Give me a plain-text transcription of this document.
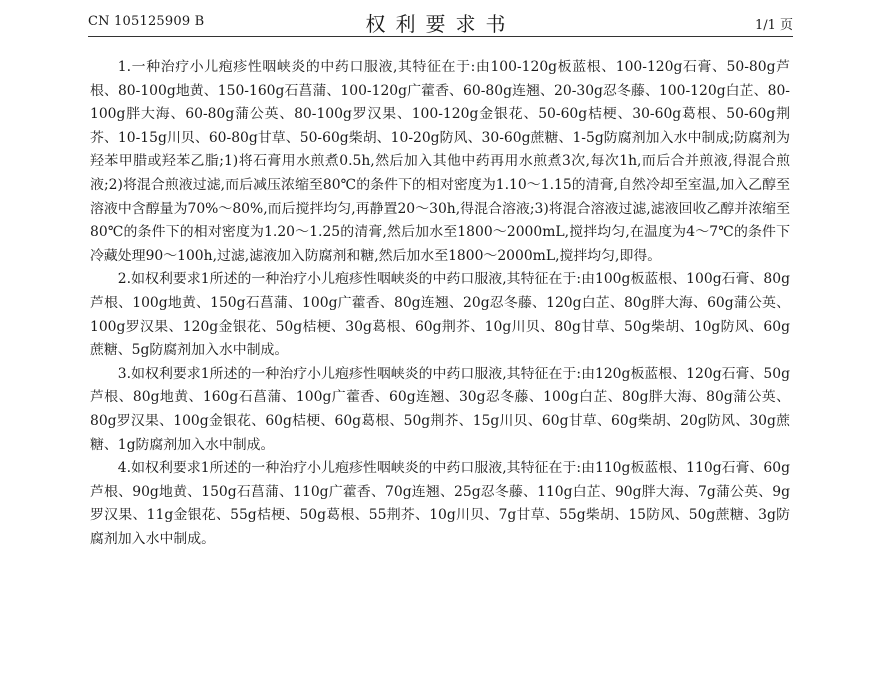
CN 105125909 B	权利要求书	1/1 页

1.一种治疗小儿疱疹性咽峡炎的中药口服液,其特征在于:由100-120g板蓝根、100-120g石膏、50-80g芦根、80-100g地黄、150-160g石菖蒲、100-120g广藿香、60-80g连翘、20-30g忍冬藤、100-120g白芷、80-100g胖大海、60-80g蒲公英、80-100g罗汉果、100-120g金银花、50-60g桔梗、30-60g葛根、50-60g荆芥、10-15g川贝、60-80g甘草、50-60g柴胡、10-20g防风、30-60g蔗糖、1-5g防腐剂加入水中制成;防腐剂为羟苯甲腊或羟苯乙脂;1)将石膏用水煎煮0.5h,然后加入其他中药再用水煎煮3次,每次1h,而后合并煎液,得混合煎液;2)将混合煎液过滤,而后减压浓缩至80℃的条件下的相对密度为1.10～1.15的清膏,自然冷却至室温,加入乙醇至溶液中含醇量为70%～80%,而后搅拌均匀,再静置20～30h,得混合溶液;3)将混合溶液过滤,滤液回收乙醇并浓缩至80℃的条件下的相对密度为1.20～1.25的清膏,然后加水至1800～2000mL,搅拌均匀,在温度为4～7℃的条件下冷藏处理90～100h,过滤,滤液加入防腐剂和糖,然后加水至1800～2000mL,搅拌均匀,即得。

2.如权利要求1所述的一种治疗小儿疱疹性咽峡炎的中药口服液,其特征在于:由100g板蓝根、100g石膏、80g芦根、100g地黄、150g石菖蒲、100g广藿香、80g连翘、20g忍冬藤、120g白芷、80g胖大海、60g蒲公英、100g罗汉果、120g金银花、50g桔梗、30g葛根、60g荆芥、10g川贝、80g甘草、50g柴胡、10g防风、60g蔗糖、5g防腐剂加入水中制成。

3.如权利要求1所述的一种治疗小儿疱疹性咽峡炎的中药口服液,其特征在于:由120g板蓝根、120g石膏、50g芦根、80g地黄、160g石菖蒲、100g广藿香、60g连翘、30g忍冬藤、100g白芷、80g胖大海、80g蒲公英、80g罗汉果、100g金银花、60g桔梗、60g葛根、50g荆芥、15g川贝、60g甘草、60g柴胡、20g防风、30g蔗糖、1g防腐剂加入水中制成。

4.如权利要求1所述的一种治疗小儿疱疹性咽峡炎的中药口服液,其特征在于:由110g板蓝根、110g石膏、60g芦根、90g地黄、150g石菖蒲、110g广藿香、70g连翘、25g忍冬藤、110g白芷、90g胖大海、7g蒲公英、9g罗汉果、11g金银花、55g桔梗、50g葛根、55荆芥、10g川贝、7g甘草、55g柴胡、15防风、50g蔗糖、3g防腐剂加入水中制成。
